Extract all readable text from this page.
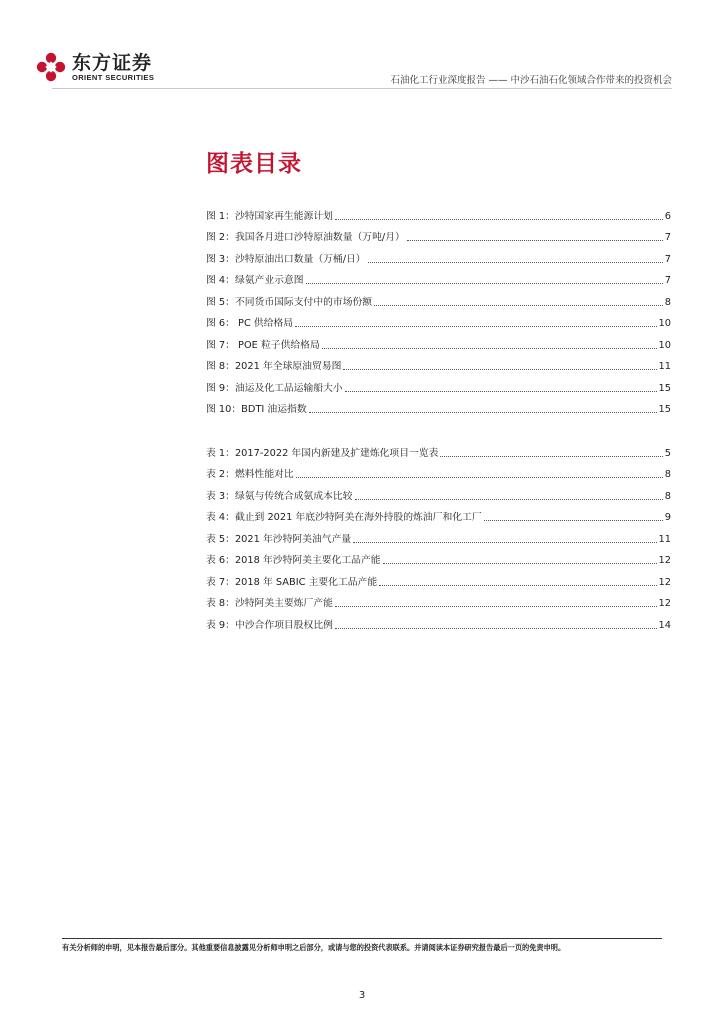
东方证券
ORIENT SECURITIES	石油化工行业深度报告 —— 中沙石油石化领域合作带来的投资机会
图表目录
图 1：沙特国家再生能源计划	6
图 2：我国各月进口沙特原油数量（万吨/月）	7
图 3：沙特原油出口数量（万桶/日）	7
图 4：绿氨产业示意图	7
图 5：不同货币国际支付中的市场份额	8
图 6： PC 供给格局	10
图 7： POE 粒子供给格局	10
图 8：2021 年全球原油贸易图	11
图 9：油运及化工品运输船大小	15
图 10：BDTI 油运指数	15
表 1：2017-2022 年国内新建及扩建炼化项目一览表	5
表 2：燃料性能对比	8
表 3：绿氨与传统合成氨成本比较	8
表 4：截止到 2021 年底沙特阿美在海外持股的炼油厂和化工厂	9
表 5：2021 年沙特阿美油气产量	11
表 6：2018 年沙特阿美主要化工品产能	12
表 7：2018 年 SABIC 主要化工品产能	12
表 8：沙特阿美主要炼厂产能	12
表 9：中沙合作项目股权比例	14
有关分析师的申明，见本报告最后部分。其他重要信息披露见分析师申明之后部分，或请与您的投资代表联系。并请阅读本证券研究报告最后一页的免责申明。
3
